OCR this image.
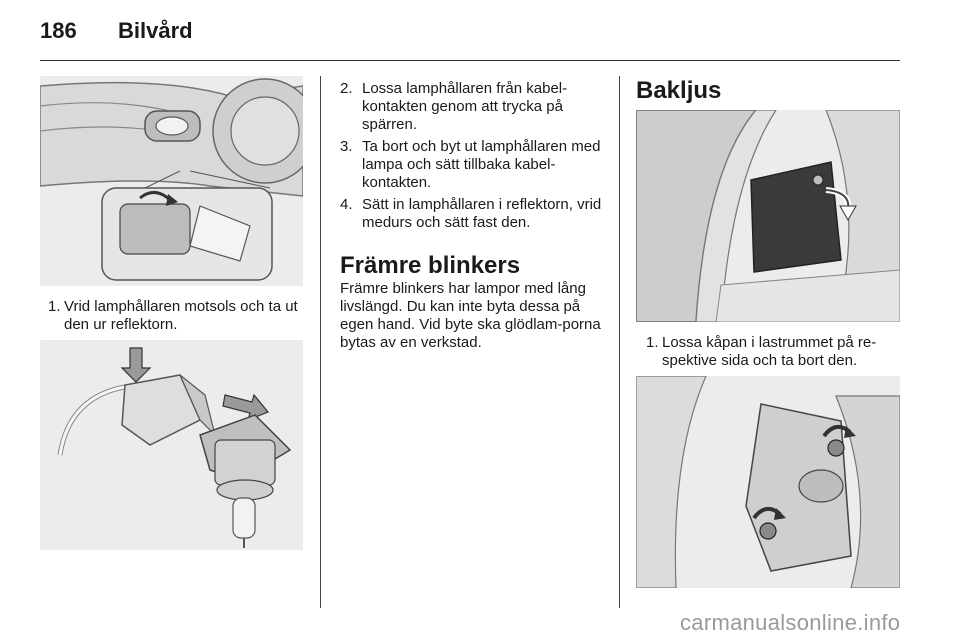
186 Bilvård
1. Vrid lamphållaren motsols och ta ut den ur reflektorn.
2. Lossa lamphållaren från kabel-kontakten genom att trycka på spärren.
3. Ta bort och byt ut lamphållaren med lampa och sätt tillbaka kabel-kontakten.
4. Sätt in lamphållaren i reflektorn, vrid medurs och sätt fast den.
Främre blinkers
Främre blinkers har lampor med lång livslängd. Du kan inte byta dessa på egen hand. Vid byte ska glödlam-porna bytas av en verkstad.
Bakljus
1. Lossa kåpan i lastrummet på re-spektive sida och ta bort den.
carmanualsonline.info
